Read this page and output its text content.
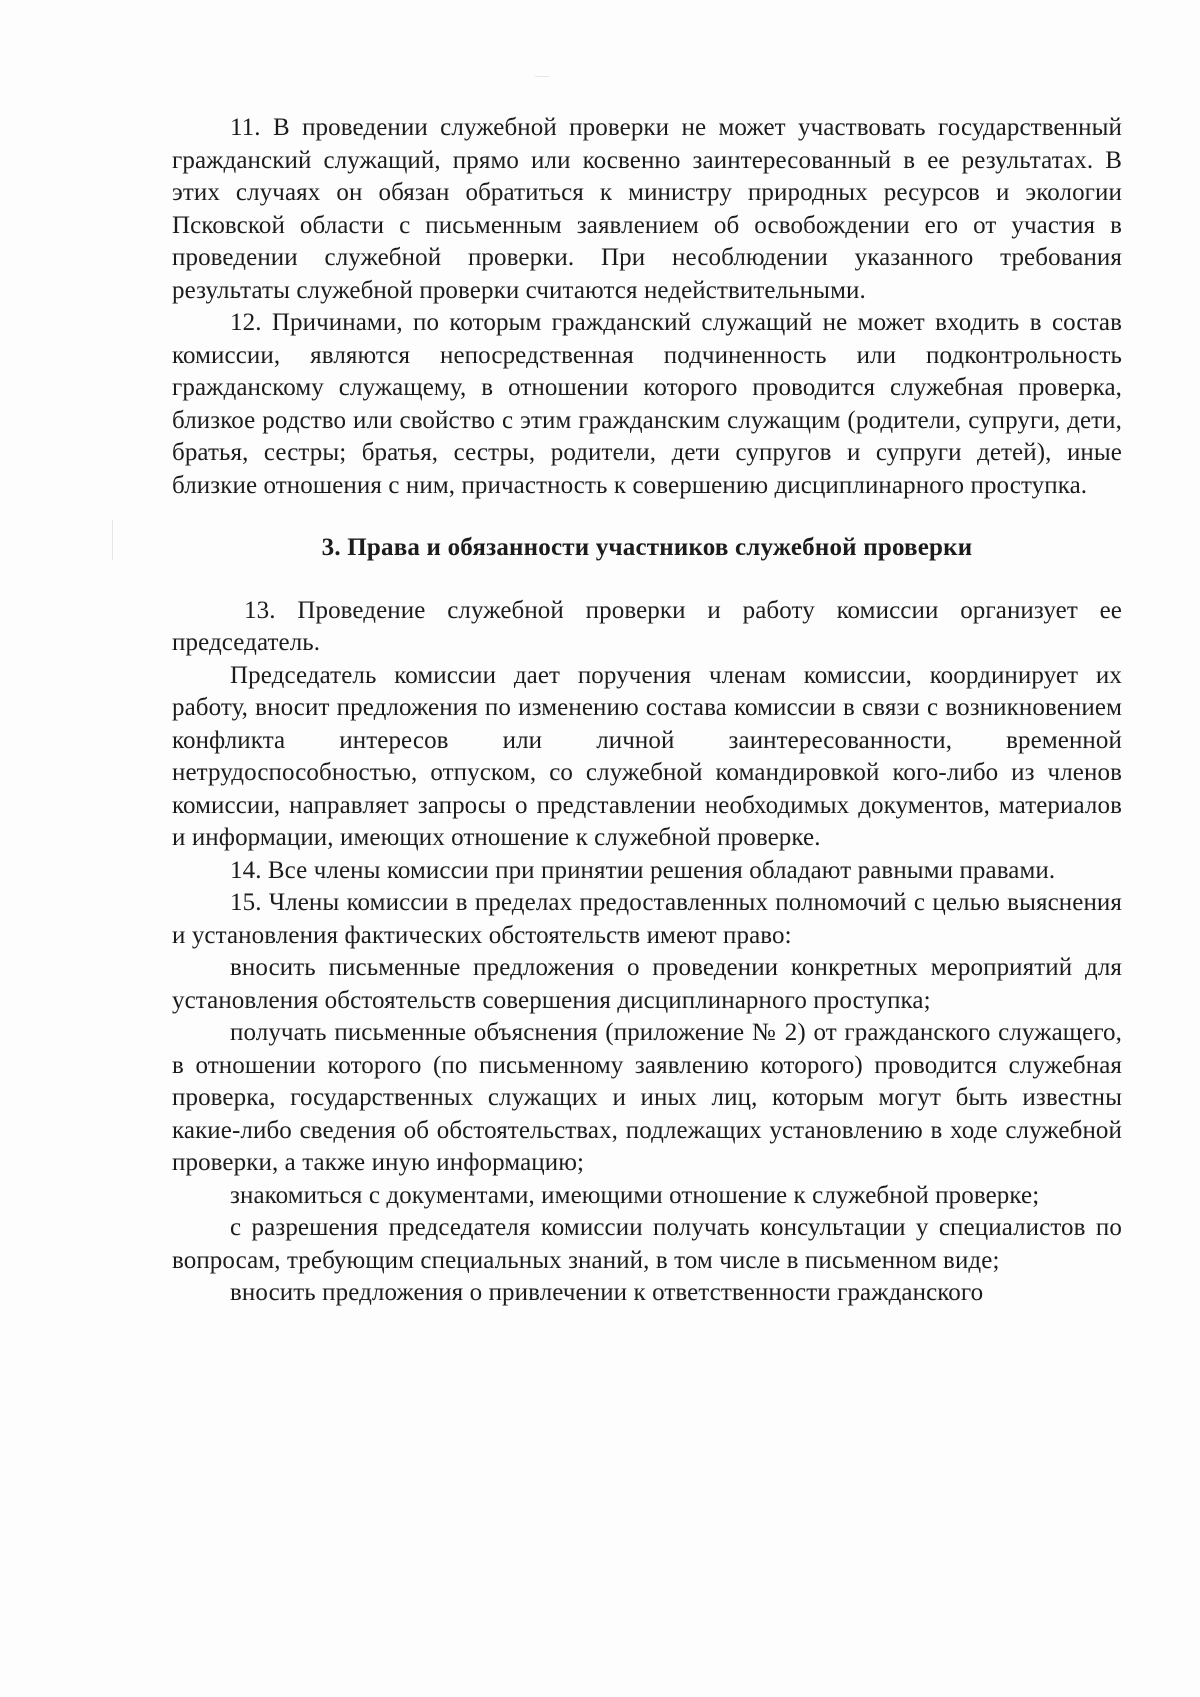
11. В проведении служебной проверки не может участвовать государственный гражданский служащий, прямо или косвенно заинтересованный в ее результатах. В этих случаях он обязан обратиться к министру природных ресурсов и экологии Псковской области с письменным заявлением об освобождении его от участия в проведении служебной проверки. При несоблюдении указанного требования результаты служебной проверки считаются недействительными.

12. Причинами, по которым гражданский служащий не может входить в состав комиссии, являются непосредственная подчиненность или подконтрольность гражданскому служащему, в отношении которого проводится служебная проверка, близкое родство или свойство с этим гражданским служащим (родители, супруги, дети, братья, сестры; братья, сестры, родители, дети супругов и супруги детей), иные близкие отношения с ним, причастность к совершению дисциплинарного проступка.

3. Права и обязанности участников служебной проверки

13. Проведение служебной проверки и работу комиссии организует ее председатель.

Председатель комиссии дает поручения членам комиссии, координирует их работу, вносит предложения по изменению состава комиссии в связи с возникновением конфликта интересов или личной заинтересованности, временной нетрудоспособностью, отпуском, со служебной командировкой кого-либо из членов комиссии, направляет запросы о представлении необходимых документов, материалов и информации, имеющих отношение к служебной проверке.

14. Все члены комиссии при принятии решения обладают равными правами.

15. Члены комиссии в пределах предоставленных полномочий с целью выяснения и установления фактических обстоятельств имеют право:

вносить письменные предложения о проведении конкретных мероприятий для установления обстоятельств совершения дисциплинарного проступка;

получать письменные объяснения (приложение № 2) от гражданского служащего, в отношении которого (по письменному заявлению которого) проводится служебная проверка, государственных служащих и иных лиц, которым могут быть известны какие-либо сведения об обстоятельствах, подлежащих установлению в ходе служебной проверки, а также иную информацию;

знакомиться с документами, имеющими отношение к служебной проверке;

с разрешения председателя комиссии получать консультации у специалистов по вопросам, требующим специальных знаний, в том числе в письменном виде;

вносить предложения о привлечении к ответственности гражданского
